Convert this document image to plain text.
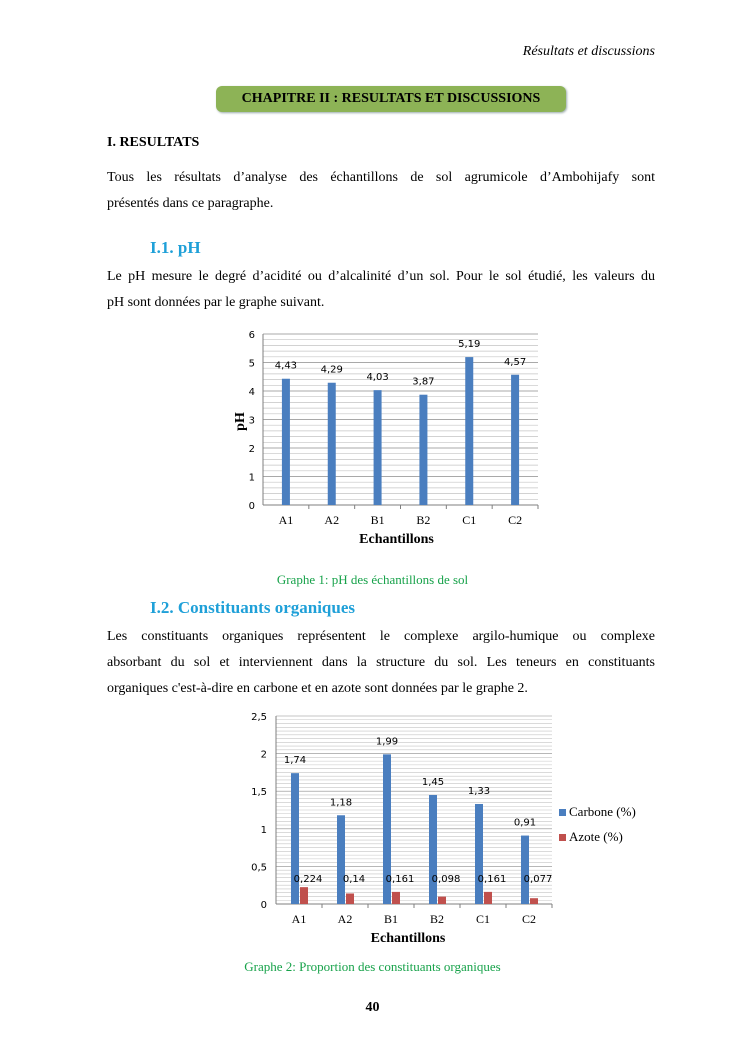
Résultats et discussions
CHAPITRE II : RESULTATS ET DISCUSSIONS
I. RESULTATS
Tous les résultats d’analyse des échantillons de sol agrumicole d’Ambohijafy sont
présentés dans ce paragraphe.
I.1. pH
Le pH mesure le degré d’acidité ou d’alcalinité d’un sol. Pour le sol étudié, les valeurs du
pH sont données par le graphe suivant.
0
1
2
3
4
5
6
4,43
A1
4,29
A2
4,03
B1
3,87
B2
5,19
C1
4,57
C2
Echantillons
pH
Graphe 1: pH des échantillons de sol
I.2. Constituants organiques
Les constituants organiques représentent le complexe argilo-humique ou complexe
absorbant du sol et interviennent dans la structure du sol. Les teneurs en constituants
organiques c'est-à-dire en carbone et en azote sont données par le graphe 2.
0
0,5
1
1,5
2
2,5
1,74
0,224
A1
1,18
0,14
A2
1,99
0,161
B1
1,45
0,098
B2
1,33
0,161
C1
0,91
0,077
C2
Echantillons
Carbone (%)
Azote (%)
Graphe 2: Proportion des constituants organiques
40
